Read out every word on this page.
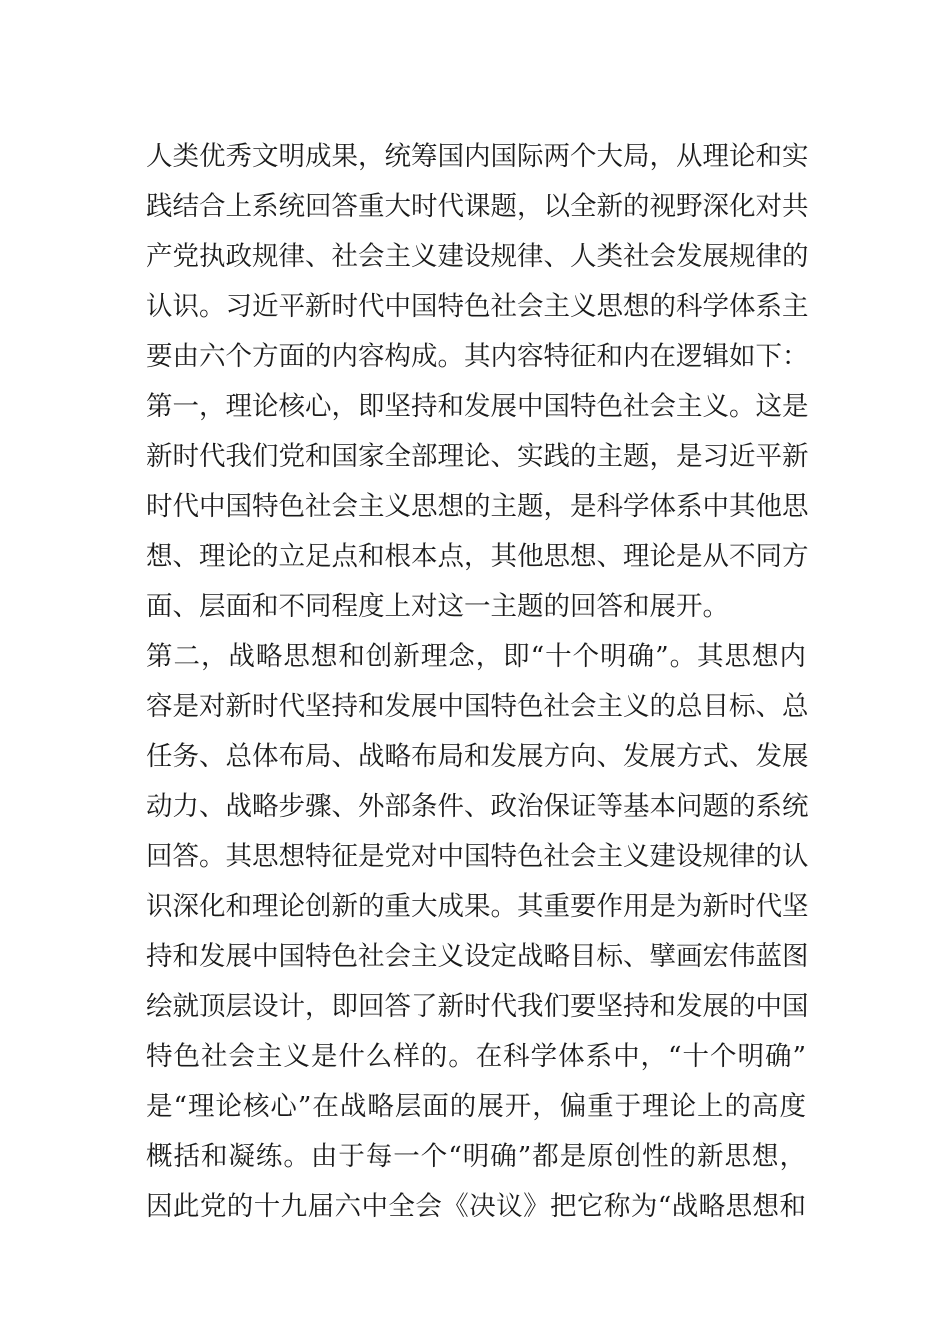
人类优秀文明成果，统筹国内国际两个大局，从理论和实
践结合上系统回答重大时代课题，以全新的视野深化对共
产党执政规律、社会主义建设规律、人类社会发展规律的
认识。习近平新时代中国特色社会主义思想的科学体系主
要由六个方面的内容构成。其内容特征和内在逻辑如下：
第一，理论核心，即坚持和发展中国特色社会主义。这是
新时代我们党和国家全部理论、实践的主题，是习近平新
时代中国特色社会主义思想的主题，是科学体系中其他思
想、理论的立足点和根本点，其他思想、理论是从不同方
面、层面和不同程度上对这一主题的回答和展开。
第二，战略思想和创新理念，即“十个明确”。其思想内
容是对新时代坚持和发展中国特色社会主义的总目标、总
任务、总体布局、战略布局和发展方向、发展方式、发展
动力、战略步骤、外部条件、政治保证等基本问题的系统
回答。其思想特征是党对中国特色社会主义建设规律的认
识深化和理论创新的重大成果。其重要作用是为新时代坚
持和发展中国特色社会主义设定战略目标、擘画宏伟蓝图
绘就顶层设计，即回答了新时代我们要坚持和发展的中国
特色社会主义是什么样的。在科学体系中，“十个明确”
是“理论核心”在战略层面的展开，偏重于理论上的高度
概括和凝练。由于每一个“明确”都是原创性的新思想，
因此党的十九届六中全会《决议》把它称为“战略思想和
